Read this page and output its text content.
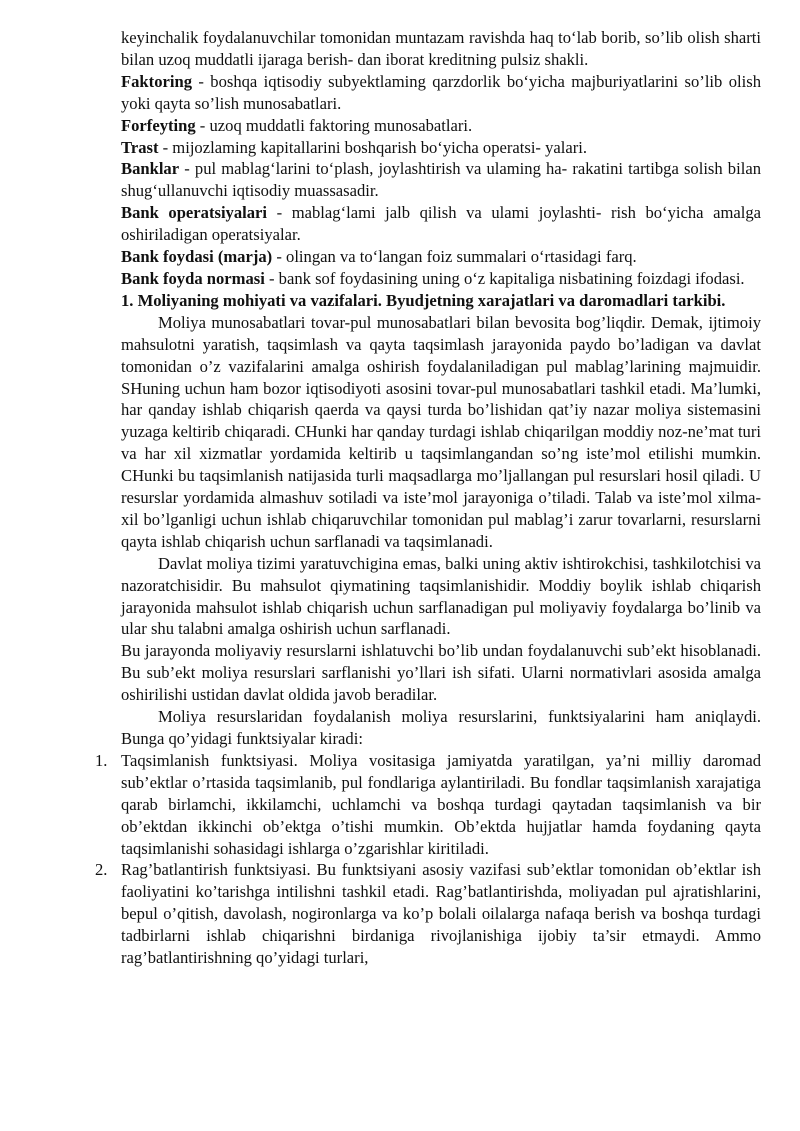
keyinchalik foydalanuvchilar tomonidan muntazam ravishda haq to‘lab borib, so’lib olish sharti bilan uzoq muddatli ijaraga berish- dan iborat kreditning pulsiz shakli.

Faktoring - boshqa iqtisodiy subyektlaming qarzdorlik bo‘yicha majburiyatlarini so’lib olish yoki qayta so’lish munosabatlari.

Forfeyting - uzoq muddatli faktoring munosabatlari.

Trast - mijozlaming kapitallarini boshqarish bo‘yicha operatsi- yalari.

Banklar - pul mablag‘larini to‘plash, joylashtirish va ulaming ha- rakatini tartibga solish bilan shug‘ullanuvchi iqtisodiy muassasadir.

Bank operatsiyalari - mablag‘lami jalb qilish va ulami joylashti- rish bo‘yicha amalga oshiriladigan operatsiyalar.

Bank foydasi (marja) - olingan va to‘langan foiz summalari o‘rtasidagi farq.

Bank foyda normasi - bank sof foydasining uning o‘z kapitaliga nisbatining foizdagi ifodasi.

1. Moliyaning mohiyati va vazifalari. Byudjetning xarajatlari va daromadlari tarkibi.

Moliya munosabatlari tovar-pul munosabatlari bilan bevosita bog’liqdir. Demak, ijtimoiy mahsulotni yaratish, taqsimlash va qayta taqsimlash jarayonida paydo bo’ladigan va davlat tomonidan o’z vazifalarini amalga oshirish foydalaniladigan pul mablag’larining majmuidir. SHuning uchun ham bozor iqtisodiyoti asosini tovar-pul munosabatlari tashkil etadi. Ma’lumki, har qanday ishlab chiqarish qaerda va qaysi turda bo’lishidan qat’iy nazar moliya sistemasini yuzaga keltirib chiqaradi. CHunki har qanday turdagi ishlab chiqarilgan moddiy noz-ne’mat turi va har xil xizmatlar yordamida keltirib u taqsimlangandan so’ng iste’mol etilishi mumkin. CHunki bu taqsimlanish natijasida turli maqsadlarga mo’ljallangan pul resurslari hosil qiladi. U resurslar yordamida almashuv sotiladi va iste’mol jarayoniga o’tiladi. Talab va iste’mol xilma-xil bo’lganligi uchun ishlab chiqaruvchilar tomonidan pul mablag’i zarur tovarlarni, resurslarni qayta ishlab chiqarish uchun sarflanadi va taqsimlanadi.

Davlat moliya tizimi yaratuvchigina emas, balki uning aktiv ishtirokchisi, tashkilotchisi va nazoratchisidir. Bu mahsulot qiymatining taqsimlanishidir. Moddiy boylik ishlab chiqarish jarayonida mahsulot ishlab chiqarish uchun sarflanadigan pul moliyaviy foydalarga bo’linib va ular shu talabni amalga oshirish uchun sarflanadi.

Bu jarayonda moliyaviy resurslarni ishlatuvchi bo’lib undan foydalanuvchi sub’ekt hisoblanadi. Bu sub’ekt moliya resurslari sarflanishi yo’llari ish sifati. Ularni normativlari asosida amalga oshirilishi ustidan davlat oldida javob beradilar.

Moliya resurslaridan foydalanish moliya resurslarini, funktsiyalarini ham aniqlaydi. Bunga qo’yidagi funktsiyalar kiradi:

1. Taqsimlanish funktsiyasi. Moliya vositasiga jamiyatda yaratilgan, ya’ni milliy daromad sub’ektlar o’rtasida taqsimlanib, pul fondlariga aylantiriladi. Bu fondlar taqsimlanish xarajatiga qarab birlamchi, ikkilamchi, uchlamchi va boshqa turdagi qaytadan taqsimlanish va bir ob’ektdan ikkinchi ob’ektga o’tishi mumkin. Ob’ektda hujjatlar hamda foydaning qayta taqsimlanishi sohasidagi ishlarga o’zgarishlar kiritiladi.
2. Rag’batlantirish funktsiyasi. Bu funktsiyani asosiy vazifasi sub’ektlar tomonidan ob’ektlar ish faoliyatini ko’tarishga intilishni tashkil etadi. Rag’batlantirishda, moliyadan pul ajratishlarini, bepul o’qitish, davolash, nogironlarga va ko’p bolali oilalarga nafaqa berish va boshqa turdagi tadbirlarni ishlab chiqarishni birdaniga rivojlanishiga ijobiy ta’sir etmaydi. Ammo rag’batlantirishning qo’yidagi turlari,
